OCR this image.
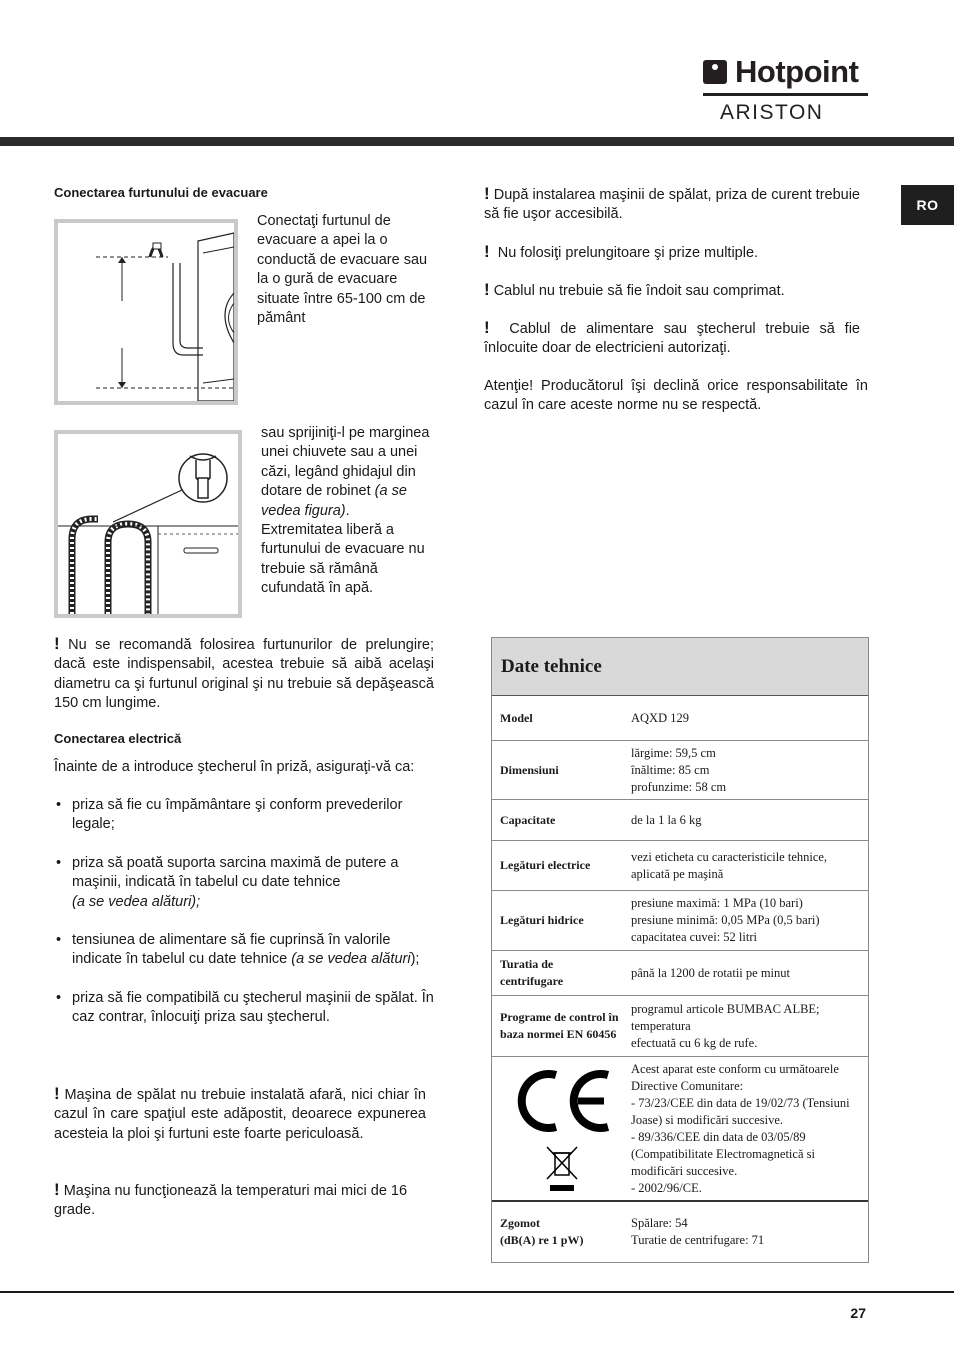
Hotpoint
ARISTON
RO
Conectarea furtunului de evacuare
Conectaţi furtunul de evacuare a apei la o conductă de evacuare sau la o gură de evacuare situate între 65-100 cm de pământ
sau sprijiniţi-l pe marginea unei chiuvete sau a unei căzi, legând ghidajul din dotare de robinet (a se vedea figura).
Extremitatea liberă a furtunului de evacuare nu trebuie să rămână cufundată în apă.
! Nu se recomandă folosirea furtunurilor de prelungire; dacă este indispensabil, acestea trebuie să aibă acelaşi diametru ca şi furtunul original şi nu trebuie să depăşească 150 cm lungime.
Conectarea electrică
Înainte de a introduce ştecherul în priză, asiguraţi-vă ca:
• priza să fie cu împământare şi conform prevederilor legale;
• priza să poată suporta sarcina maximă de putere a maşinii, indicată în tabelul cu date tehnice
(a se vedea alături);
• tensiunea de alimentare să fie cuprinsă în valorile indicate în tabelul cu date tehnice (a se vedea alături);
• priza să fie compatibilă cu ştecherul maşinii de spălat. În caz contrar, înlocuiţi priza sau ştecherul.
! Maşina de spălat nu trebuie instalată afară, nici chiar în cazul în care spaţiul este adăpostit, deoarece expunerea acesteia la ploi şi furtuni este foarte periculoasă.
! Maşina nu funcţionează la temperaturi mai mici de 16 grade.
! După instalarea maşinii de spălat, priza de curent trebuie să fie uşor accesibilă.
! Nu folosiţi prelungitoare şi prize multiple.
! Cablul nu trebuie să fie îndoit sau comprimat.
! Cablul de alimentare sau ştecherul trebuie să fie înlocuite doar de electricieni autorizaţi.
Atenţie! Producătorul îşi declină orice responsabilitate în cazul în care aceste norme nu se respectă.
Date tehnice
Model	AQXD 129
Dimensiuni
lărgime: 59,5 cm
înăltime: 85 cm
profunzime: 58 cm
Capacitate	de la 1 la 6 kg
Legături electrice
vezi eticheta cu caracteristicile tehnice, aplicată pe maşină
Legături hidrice
presiune maximă: 1 MPa (10 bari)
presiune minimă: 0,05 MPa (0,5 bari)
capacitatea cuvei: 52 litri
Turatia de centrifugare
până la 1200 de rotatii pe minut
Programe de control în baza normei EN 60456
programul articole BUMBAC ALBE; temperatura
efectuată cu 6 kg de rufe.
Acest aparat este conform cu următoarele Directive Comunitare:
- 73/23/CEE din data de 19/02/73 (Tensiuni Joase) si modificări succesive.
- 89/336/CEE din data de 03/05/89 (Compatibilitate Electromagnetică si modificări succesive.
- 2002/96/CE.
Zgomot
(dB(A) re 1 pW)
Spălare: 54
Turatie de centrifugare: 71
27
